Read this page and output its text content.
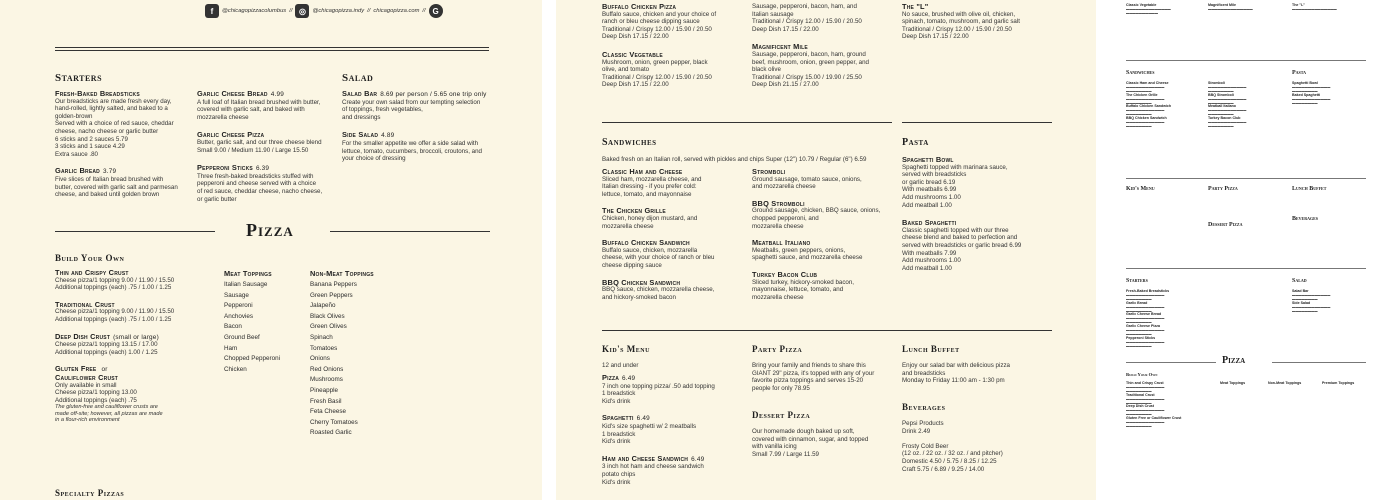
f	@chicagopizzacolumbus // ◎	@chicagopizza.indy // chicagopizza.com // G
Starters
Fresh-Baked Breadsticks
Our breadsticks are made fresh every day,
hand-rolled, lightly salted, and baked to a
golden-brown
Served with a choice of red sauce, cheddar
cheese, nacho cheese or garlic butter
6 sticks and 2 sauces 5.79
3 sticks and 1 sauce 4.29
Extra sauce .80
Garlic Bread 3.79
Five slices of Italian bread brushed with
butter, covered with garlic salt and parmesan
cheese, and baked until golden brown
Garlic Cheese Bread 4.99
A full loaf of Italian bread brushed with butter,
covered with garlic salt, and baked with
mozzarella cheese
Garlic Cheese Pizza
Butter, garlic salt, and our three cheese blend
Small 9.00 / Medium 11.90 / Large 15.50
Pepperoni Sticks 6.39
Three fresh-baked breadsticks stuffed with
pepperoni and cheese served with a choice
of red sauce, cheddar cheese, nacho cheese,
or garlic butter
Salad
Salad Bar 8.69 per person / 5.65 one trip only
Create your own salad from our tempting selection
of toppings, fresh vegetables,
and dressings
Side Salad 4.89
For the smaller appetite we offer a side salad with
lettuce, tomato, cucumbers, broccoli, croutons, and
your choice of dressing
Pizza
Build Your Own
Thin and Crispy Crust
Cheese pizza/1 topping 9.00 / 11.90 / 15.50
Additional toppings (each) .75 / 1.00 / 1.25
Traditional Crust
Cheese pizza/1 topping 9.00 / 11.90 / 15.50
Additional toppings (each) .75 / 1.00 / 1.25
Deep Dish Crust (small or large)
Cheese pizza/1 topping 13.15 / 17.00
Additional toppings (each) 1.00 / 1.25
Gluten Free or
Cauliflower Crust
Only available in small
Cheese pizza/1 topping 13.00
Additional toppings (each) .75
The gluten-free and cauliflower crusts are
made off-site; however, all pizzas are made
in a flour-rich environment
Meat Toppings
Italian Sausage
Sausage
Pepperoni
Anchovies
Bacon
Ground Beef
Ham
Chopped Pepperoni
Chicken
Non-Meat Toppings
Banana Peppers
Green Peppers
Jalapeño
Black Olives
Green Olives
Spinach
Tomatoes
Onions
Red Onions
Mushrooms
Pineapple
Fresh Basil
Feta Cheese
Cherry Tomatoes
Roasted Garlic
Specialty Pizzas
Buffalo Chicken Pizza
Buffalo sauce, chicken and your choice of
ranch or bleu cheese dipping sauce
Traditional / Crispy 12.00 / 15.90 / 20.50
Deep Dish 17.15 / 22.00
Classic Vegetable
Mushroom, onion, green pepper, black
olive, and tomato
Traditional / Crispy 12.00 / 15.90 / 20.50
Deep Dish 17.15 / 22.00
Sausage, pepperoni, bacon, ham, and
Italian sausage
Traditional / Crispy 12.00 / 15.90 / 20.50
Deep Dish 17.15 / 22.00
Magnificent Mile
Sausage, pepperoni, bacon, ham, ground
beef, mushroom, onion, green pepper, and
black olive
Traditional / Crispy 15.00 / 19.90 / 25.50
Deep Dish 21.15 / 27.00
The "L"
No sauce, brushed with olive oil, chicken,
spinach, tomato, mushroom, and garlic salt
Traditional / Crispy 12.00 / 15.90 / 20.50
Deep Dish 17.15 / 22.00
Sandwiches
Baked fresh on an Italian roll, served with pickles and chips Super (12") 10.79 / Regular (6") 6.59
Classic Ham and Cheese
Sliced ham, mozzarella cheese, and
Italian dressing - if you prefer cold:
lettuce, tomato, and mayonnaise
The Chicken Grille
Chicken, honey dijon mustard, and
mozzarella cheese
Buffalo Chicken Sandwich
Buffalo sauce, chicken, mozzarella
cheese, with your choice of ranch or bleu
cheese dipping sauce
BBQ Chicken Sandwich
BBQ sauce, chicken, mozzarella cheese,
and hickory-smoked bacon
Stromboli
Ground sausage, tomato sauce, onions,
and mozzarella cheese
BBQ Stromboli
Ground sausage, chicken, BBQ sauce, onions,
chopped pepperoni, and
mozzarella cheese
Meatball Italiano
Meatballs, green peppers, onions,
spaghetti sauce, and mozzarella cheese
Turkey Bacon Club
Sliced turkey, hickory-smoked bacon,
mayonnaise, lettuce, tomato, and
mozzarella cheese
Pasta
Spaghetti Bowl
Spaghetti topped with marinara sauce,
served with breadsticks
or garlic bread 6.19
With meatballs 6.99
Add mushrooms 1.00
Add meatball 1.00
Baked Spaghetti
Classic spaghetti topped with our three
cheese blend and baked to perfection and
served with breadsticks or garlic bread 6.99
With meatballs 7.99
Add mushrooms 1.00
Add meatball 1.00
Kid's Menu
12 and under
Pizza 6.49
7 inch one topping pizza/ .50 add topping
1 breadstick
Kid's drink
Spaghetti 6.49
Kid's size spaghetti w/ 2 meatballs
1 breadstick
Kid's drink
Ham and Cheese Sandwich 6.49
3 inch hot ham and cheese sandwich
potato chips
Kid's drink
Party Pizza
Bring your family and friends to share this
GIANT 29" pizza, it's topped with any of your
favorite pizza toppings and serves 15-20
people for only 78.95
Dessert Pizza
Our homemade dough baked up soft,
covered with cinnamon, sugar, and topped
with vanilla icing
Small 7.99 / Large 11.59
Lunch Buffet
Enjoy our salad bar with delicious pizza
and breadsticks
Monday to Friday 11:00 am - 1:30 pm
Beverages
Pepsi Products
Drink 2.49

Frosty Cold Beer
(12 oz. / 22 oz. / 32 oz. / and pitcher)
Domestic 4.50 / 5.75 / 8.25 / 12.25
Craft 5.75 / 6.89 / 9.25 / 14.00
Classic Vegetable
▬▬▬▬▬▬▬▬▬▬▬▬▬▬
▬▬▬▬▬▬▬▬▬▬
Magnificent Mile
▬▬▬▬▬▬▬▬▬▬▬▬▬▬
The "L"
▬▬▬▬▬▬▬▬▬▬▬▬▬▬
Sandwiches
Classic Ham and Cheese
▬▬▬▬▬▬▬▬▬▬▬▬
▬▬▬▬▬▬▬▬
The Chicken Grille
▬▬▬▬▬▬▬▬▬▬▬▬
▬▬▬▬▬▬▬▬
Buffalo Chicken Sandwich
▬▬▬▬▬▬▬▬▬▬▬▬
▬▬▬▬▬▬▬▬
BBQ Chicken Sandwich
▬▬▬▬▬▬▬▬▬▬▬▬
▬▬▬▬▬▬▬▬
Stromboli
▬▬▬▬▬▬▬▬▬▬▬▬
▬▬▬▬▬▬▬▬
BBQ Stromboli
▬▬▬▬▬▬▬▬▬▬▬▬
▬▬▬▬▬▬▬▬
Meatball Italiano
▬▬▬▬▬▬▬▬▬▬▬▬
▬▬▬▬▬▬▬▬
Turkey Bacon Club
▬▬▬▬▬▬▬▬▬▬▬▬
▬▬▬▬▬▬▬▬
Pasta
Spaghetti Bowl
▬▬▬▬▬▬▬▬▬▬▬▬
▬▬▬▬▬▬▬▬
Baked Spaghetti
▬▬▬▬▬▬▬▬▬▬▬▬
▬▬▬▬▬▬▬▬
Kid's Menu	Party Pizza
Dessert Pizza
Lunch Buffet
Beverages
Starters
Fresh-Baked Breadsticks
▬▬▬▬▬▬▬▬▬▬▬▬
▬▬▬▬▬▬▬▬
Garlic Bread
▬▬▬▬▬▬▬▬▬▬▬▬
▬▬▬▬▬▬▬▬
Garlic Cheese Bread
▬▬▬▬▬▬▬▬▬▬▬▬
▬▬▬▬▬▬▬▬
Garlic Cheese Pizza
▬▬▬▬▬▬▬▬▬▬▬▬
▬▬▬▬▬▬▬▬
Pepperoni Sticks
▬▬▬▬▬▬▬▬▬▬▬▬
▬▬▬▬▬▬▬▬
Salad
Salad Bar
▬▬▬▬▬▬▬▬▬▬▬▬
▬▬▬▬▬▬▬▬
Side Salad
▬▬▬▬▬▬▬▬▬▬▬▬
▬▬▬▬▬▬▬▬
Pizza
Build Your Own
Thin and Crispy Crust
▬▬▬▬▬▬▬▬▬▬▬▬
▬▬▬▬▬▬▬▬
Traditional Crust
▬▬▬▬▬▬▬▬▬▬▬▬
▬▬▬▬▬▬▬▬
Deep Dish Crust
▬▬▬▬▬▬▬▬▬▬▬▬
▬▬▬▬▬▬▬▬
Gluten Free or Cauliflower Crust
▬▬▬▬▬▬▬▬▬▬▬▬
▬▬▬▬▬▬▬▬
Meat Toppings	Non-Meat Toppings	Premium Toppings
